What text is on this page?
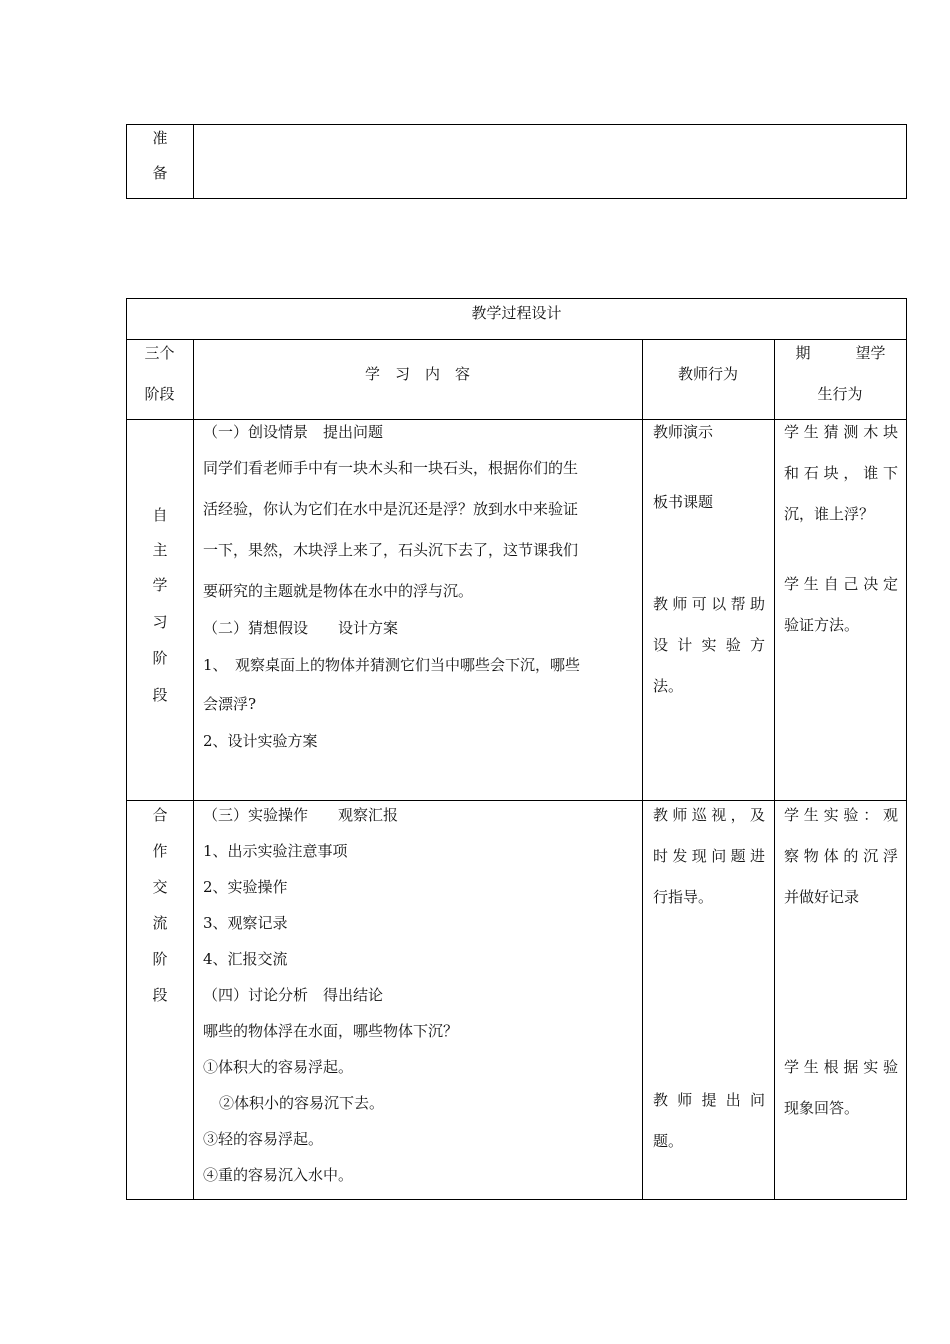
准
备
教学过程设计
三个
阶段
学　习　内　容	教师行为
期　　　望学
生行为
自
主
学
习
阶
段
（一）创设情景　提出问题
同学们看老师手中有一块木头和一块石头，根据你们的生
活经验，你认为它们在水中是沉还是浮？放到水中来验证
一下，果然，木块浮上来了，石头沉下去了，这节课我们
要研究的主题就是物体在水中的浮与沉。
（二）猜想假设　　设计方案
1、　观察桌面上的物体并猜测它们当中哪些会下沉，哪些
会漂浮?
2、设计实验方案
教师演示
板书课题
教师可以帮助
设计实验方
法。
学生猜测木块
和石块，谁下
沉，谁上浮？
学生自己决定
验证方法。
合
作
交
流
阶
段
（三）实验操作　　观察汇报
1、出示实验注意事项
2、实验操作
3、观察记录
4、汇报交流
（四）讨论分析　得出结论
哪些的物体浮在水面，哪些物体下沉？
①体积大的容易浮起。
②体积小的容易沉下去。
③轻的容易浮起。
④重的容易沉入水中。
教师巡视，及
时发现问题进
行指导。
教师提出问
题。
学生实验：观
察物体的沉浮
并做好记录
学生根据实验
现象回答。
